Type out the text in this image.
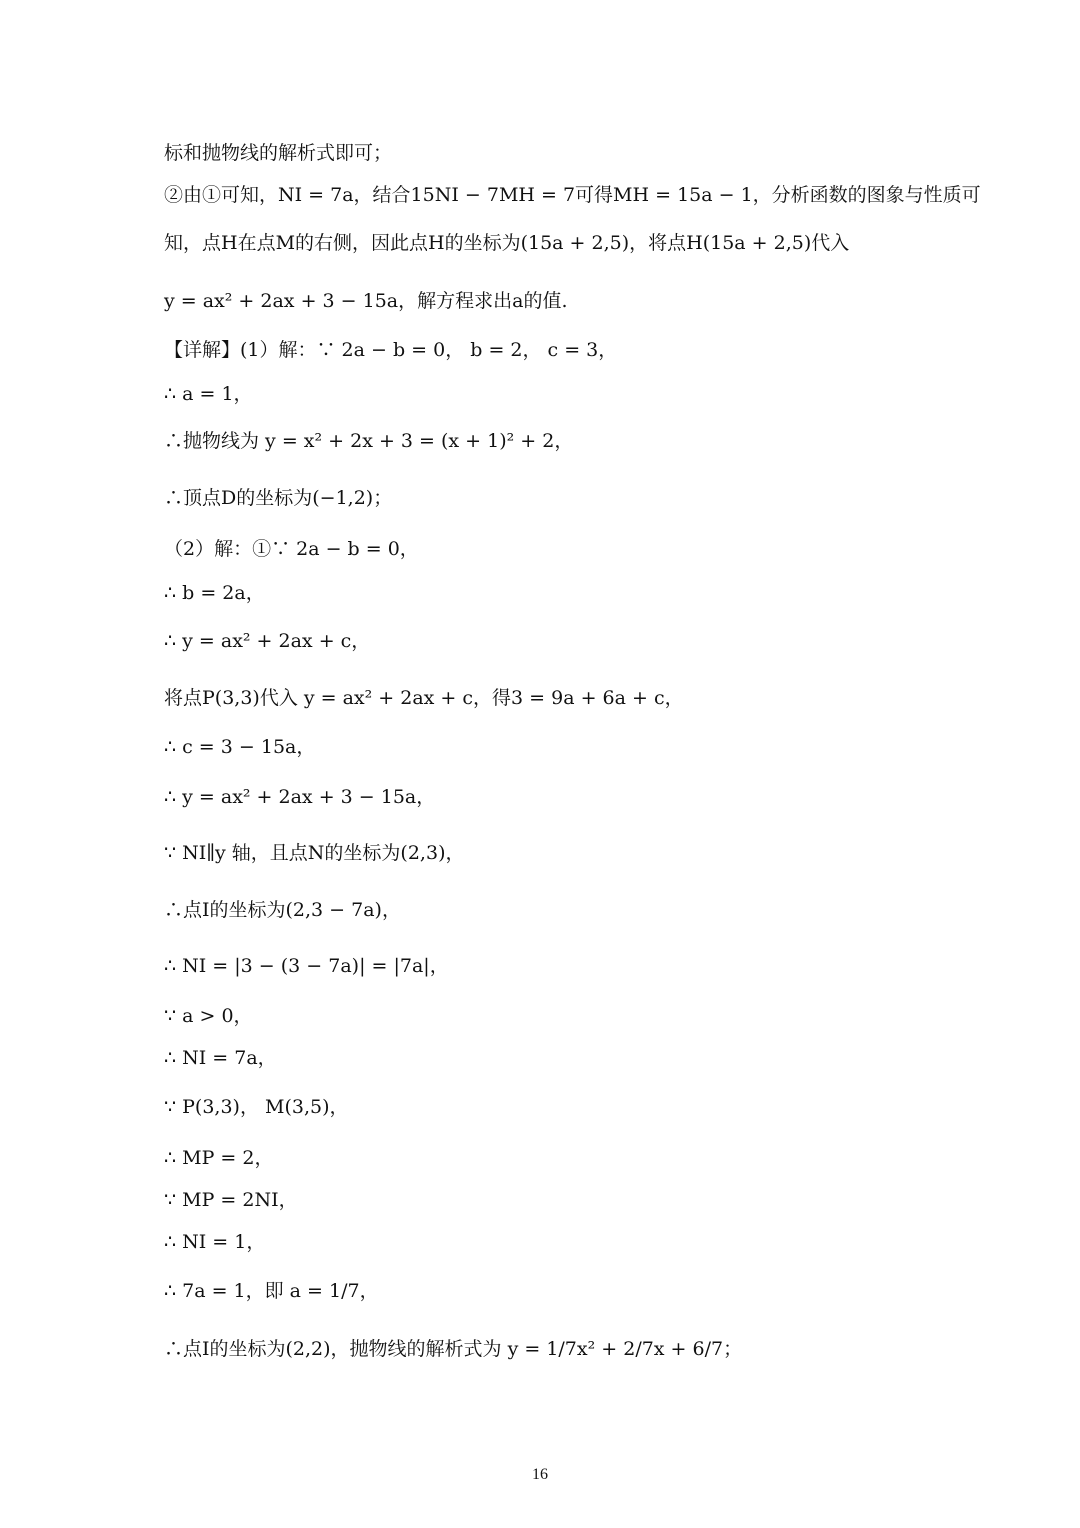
标和抛物线的解析式即可；
②由①可知，NI = 7a，结合15NI − 7MH = 7可得MH = 15a − 1，分析函数的图象与性质可
知，点H在点M的右侧，因此点H的坐标为(15a + 2,5)，将点H(15a + 2,5)代入
y = ax² + 2ax + 3 − 15a，解方程求出a的值.
【详解】(1）解：∵ 2a − b = 0， b = 2， c = 3，
∴ a = 1，
∴抛物线为 y = x² + 2x + 3 = (x + 1)² + 2，
∴顶点D的坐标为(−1,2)；
（2）解：①∵ 2a − b = 0，
∴ b = 2a，
∴ y = ax² + 2ax + c，
将点P(3,3)代入 y = ax² + 2ax + c，得3 = 9a + 6a + c，
∴ c = 3 − 15a，
∴ y = ax² + 2ax + 3 − 15a，
∵ NI∥y 轴，且点N的坐标为(2,3)，
∴点I的坐标为(2,3 − 7a)，
∴ NI = |3 − (3 − 7a)| = |7a|，
∵ a > 0，
∴ NI = 7a，
∵ P(3,3)， M(3,5)，
∴ MP = 2，
∵ MP = 2NI，
∴ NI = 1，
∴ 7a = 1，即 a = 1/7，
∴点I的坐标为(2,2)，抛物线的解析式为 y = 1/7x² + 2/7x + 6/7；
16
